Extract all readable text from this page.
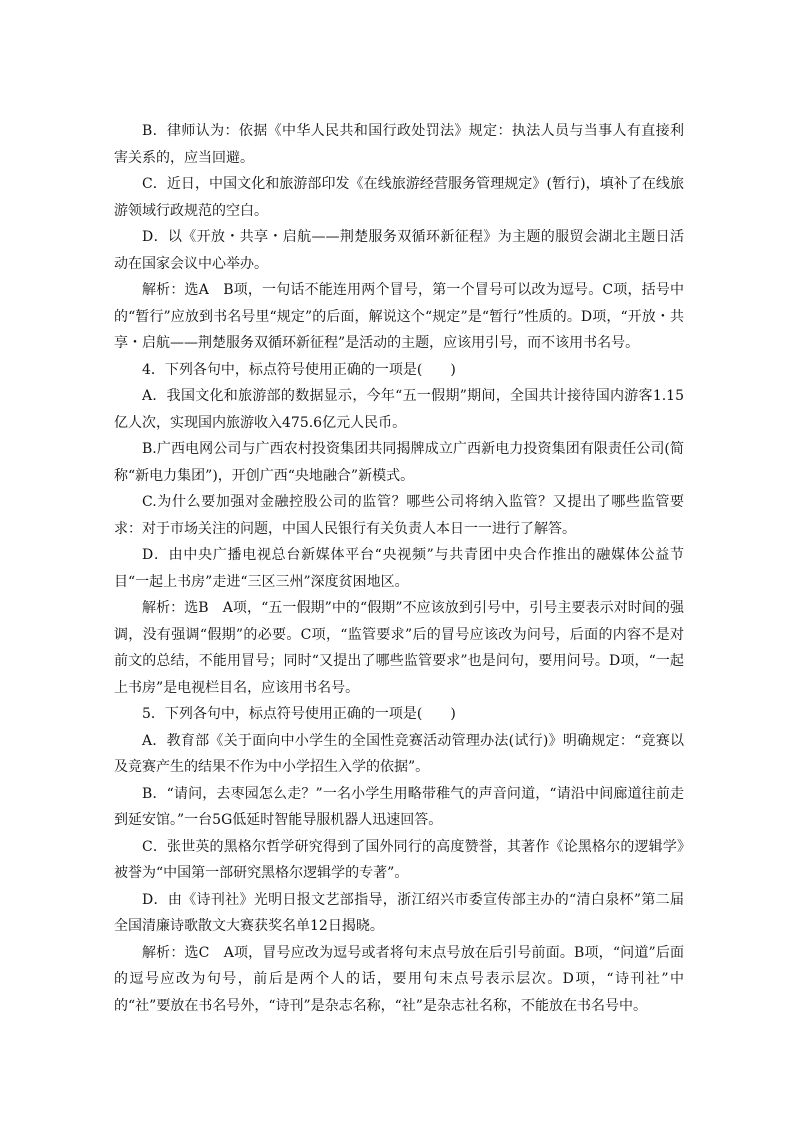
B．律师认为：依据《中华人民共和国行政处罚法》规定：执法人员与当事人有直接利害关系的，应当回避。

C．近日，中国文化和旅游部印发《在线旅游经营服务管理规定》(暂行)，填补了在线旅游领域行政规范的空白。

D．以《开放・共享・启航——荆楚服务双循环新征程》为主题的服贸会湖北主题日活动在国家会议中心举办。

解析：选A　B项，一句话不能连用两个冒号，第一个冒号可以改为逗号。C项，括号中的“暂行”应放到书名号里“规定”的后面，解说这个“规定”是“暂行”性质的。D项，“开放・共享・启航——荆楚服务双循环新征程”是活动的主题，应该用引号，而不该用书名号。

4．下列各句中，标点符号使用正确的一项是(　　)

A．我国文化和旅游部的数据显示，今年“五一假期”期间，全国共计接待国内游客1.15亿人次，实现国内旅游收入475.6亿元人民币。

B.广西电网公司与广西农村投资集团共同揭牌成立广西新电力投资集团有限责任公司(简称“新电力集团”)，开创广西“央地融合”新模式。

C.为什么要加强对金融控股公司的监管？哪些公司将纳入监管？又提出了哪些监管要求：对于市场关注的问题，中国人民银行有关负责人本日一一进行了解答。

D．由中央广播电视总台新媒体平台“央视频”与共青团中央合作推出的融媒体公益节目“一起上书房”走进“三区三州”深度贫困地区。

解析：选B　A项，“五一假期”中的“假期”不应该放到引号中，引号主要表示对时间的强调，没有强调“假期”的必要。C项，“监管要求”后的冒号应该改为问号，后面的内容不是对前文的总结，不能用冒号；同时“又提出了哪些监管要求”也是问句，要用问号。D项，“一起上书房”是电视栏目名，应该用书名号。

5．下列各句中，标点符号使用正确的一项是(　　)

A．教育部《关于面向中小学生的全国性竞赛活动管理办法(试行)》明确规定：“竞赛以及竞赛产生的结果不作为中小学招生入学的依据”。

B．“请问，去枣园怎么走？”一名小学生用略带稚气的声音问道，“请沿中间廊道往前走到延安馆。”一台5G低延时智能导服机器人迅速回答。

C．张世英的黑格尔哲学研究得到了国外同行的高度赞誉，其著作《论黑格尔的逻辑学》被誉为“中国第一部研究黑格尔逻辑学的专著”。

D．由《诗刊社》光明日报文艺部指导，浙江绍兴市委宣传部主办的“清白泉杯”第二届全国清廉诗歌散文大赛获奖名单12日揭晓。

解析：选C　A项，冒号应改为逗号或者将句末点号放在后引号前面。B项，“问道”后面的逗号应改为句号，前后是两个人的话，要用句末点号表示层次。D项，“诗刊社”中的“社”要放在书名号外，“诗刊”是杂志名称，“社”是杂志社名称，不能放在书名号中。
